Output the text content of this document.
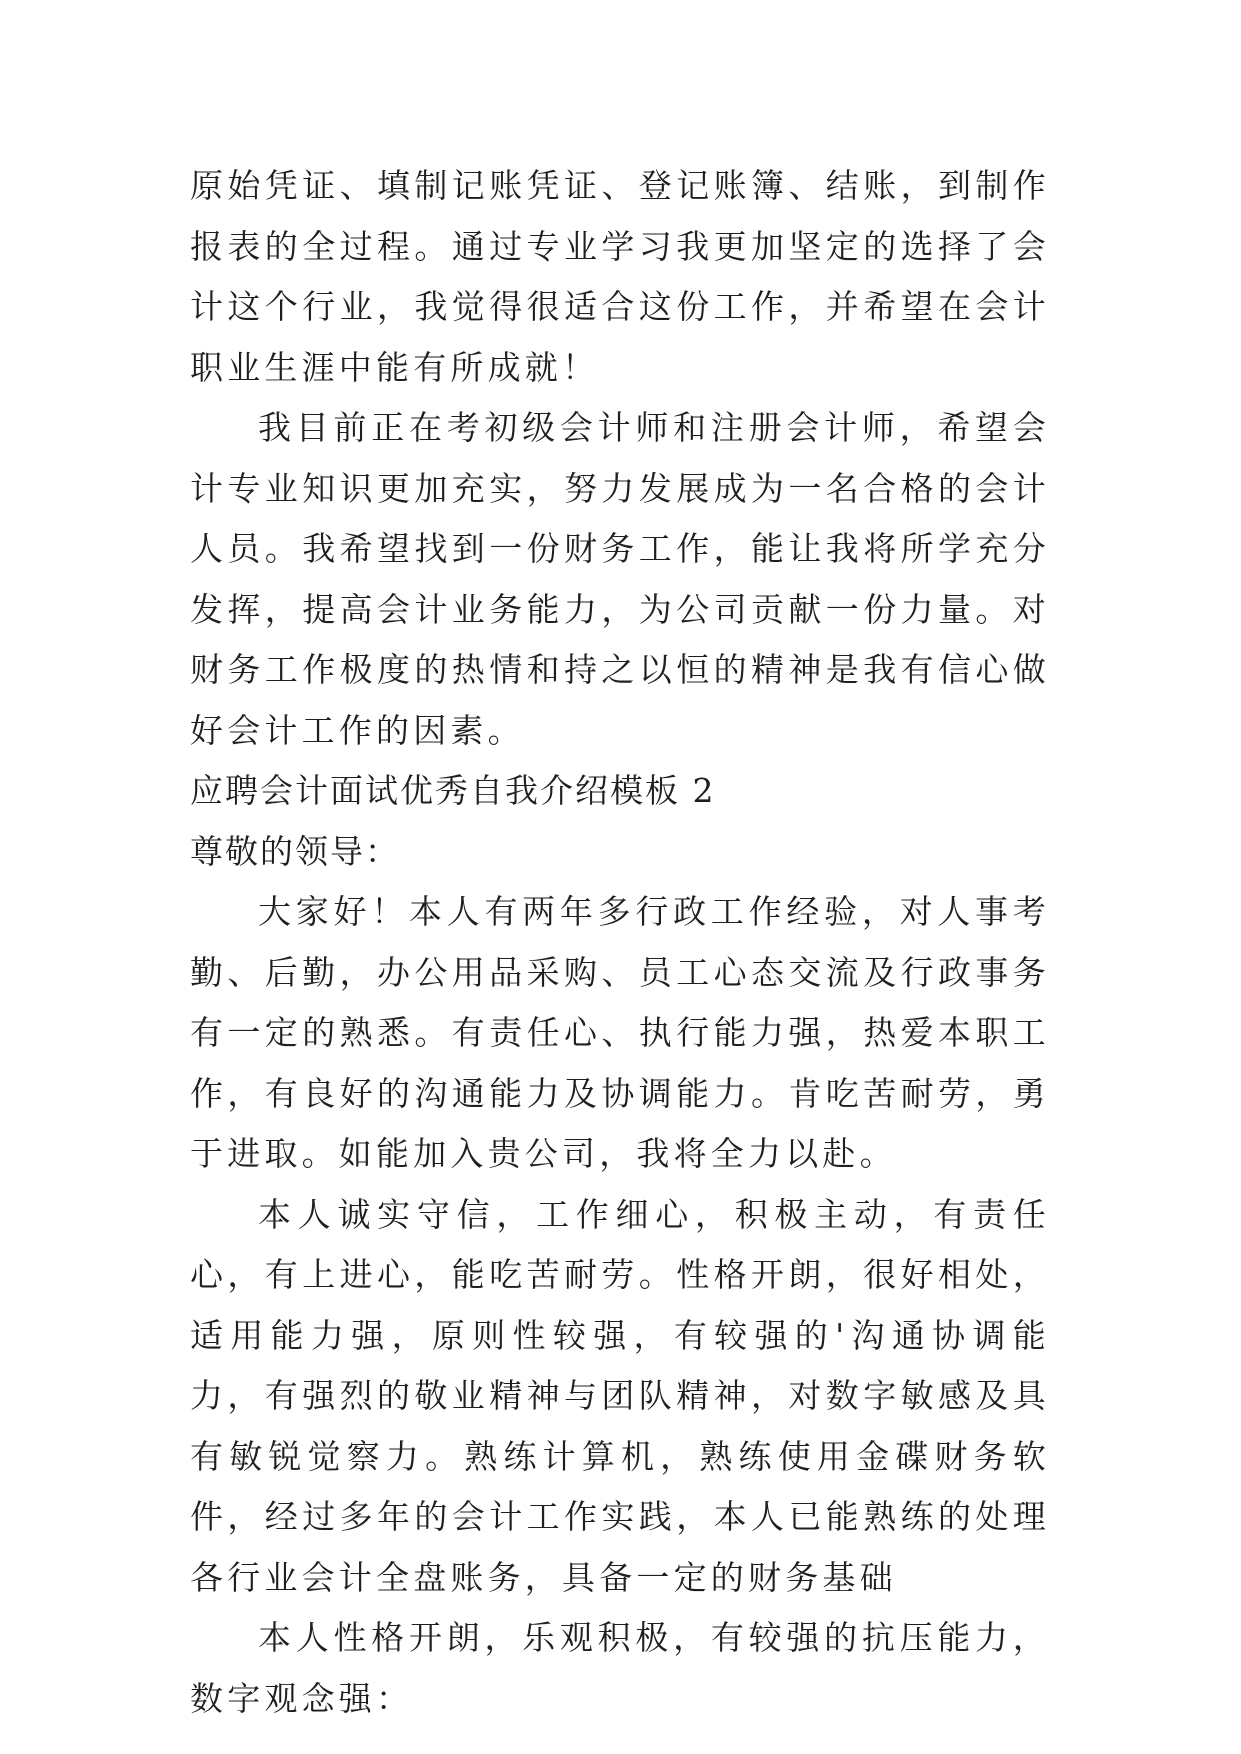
原始凭证、填制记账凭证、登记账簿、结账，到制作报表的全过程。通过专业学习我更加坚定的选择了会计这个行业，我觉得很适合这份工作，并希望在会计职业生涯中能有所成就！

我目前正在考初级会计师和注册会计师，希望会计专业知识更加充实，努力发展成为一名合格的会计人员。我希望找到一份财务工作，能让我将所学充分发挥，提高会计业务能力，为公司贡献一份力量。对财务工作极度的热情和持之以恒的精神是我有信心做好会计工作的因素。

应聘会计面试优秀自我介绍模板 2

尊敬的领导：

大家好！本人有两年多行政工作经验，对人事考勤、后勤，办公用品采购、员工心态交流及行政事务有一定的熟悉。有责任心、执行能力强，热爱本职工作，有良好的沟通能力及协调能力。肯吃苦耐劳，勇于进取。如能加入贵公司，我将全力以赴。

本人诚实守信，工作细心，积极主动，有责任心，有上进心，能吃苦耐劳。性格开朗，很好相处，适用能力强，原则性较强，有较强的'沟通协调能力，有强烈的敬业精神与团队精神，对数字敏感及具有敏锐觉察力。熟练计算机，熟练使用金碟财务软件，经过多年的会计工作实践，本人已能熟练的处理各行业会计全盘账务，具备一定的财务基础

本人性格开朗，乐观积极，有较强的抗压能力，数字观念强：
